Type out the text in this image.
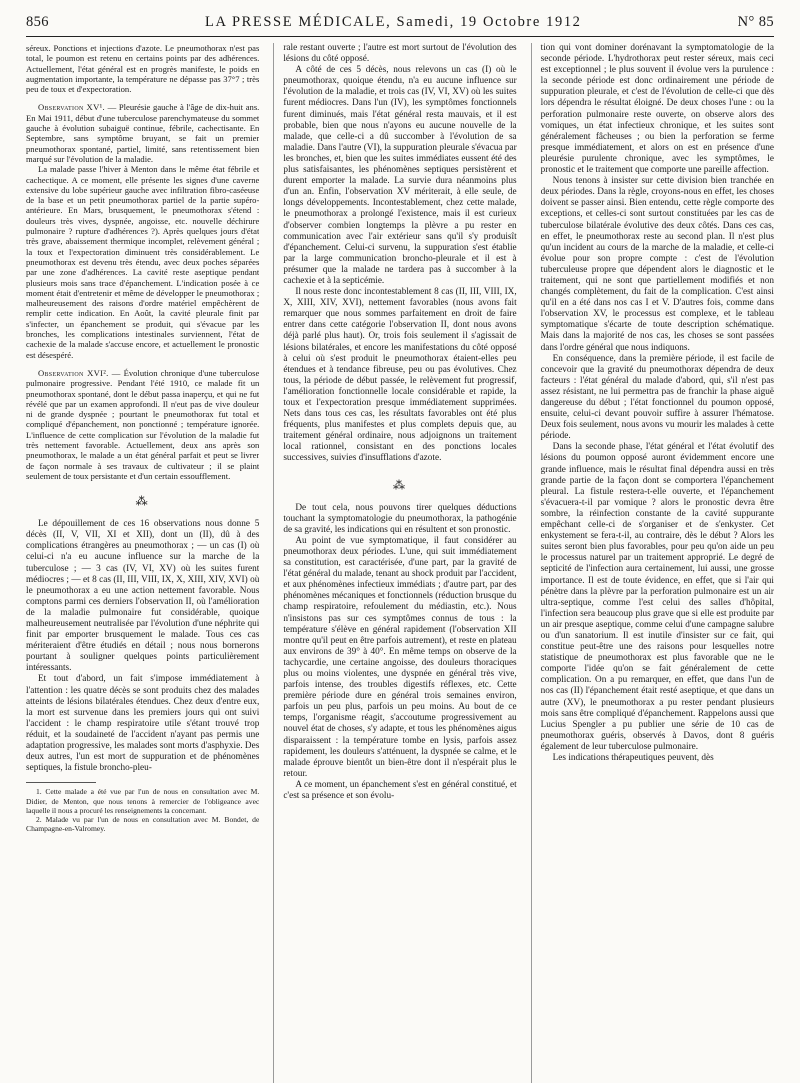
856	LA PRESSE MÉDICALE, Samedi, 19 Octobre 1912	N° 85

séreux. Ponctions et injections d'azote. Le pneumothorax n'est pas total, le poumon est retenu en certains points par des adhérences. Actuellement, l'état général est en progrès manifeste, le poids en augmentation importante, la température ne dépasse pas 37°7 ; très peu de toux et d'expectoration.

Observation XV¹. — Pleurésie gauche à l'âge de dix-huit ans. En Mai 1911, début d'une tuberculose parenchymateuse du sommet gauche à évolution subaiguë continue, fébrile, cachectisante. En Septembre, sans symptôme bruyant, se fait un premier pneumothorax spontané, partiel, limité, sans retentissement bien marqué sur l'évolution de la maladie.

La malade passe l'hiver à Menton dans le même état fébrile et cachectique. A ce moment, elle présente les signes d'une caverne extensive du lobe supérieur gauche avec infiltration fibro-caséeuse de la base et un petit pneumothorax partiel de la partie supéro-antérieure. En Mars, brusquement, le pneumothorax s'étend : douleurs très vives, dyspnée, angoisse, etc. nouvelle déchirure pulmonaire ? rupture d'adhérences ?). Après quelques jours d'état très grave, abaissement thermique incomplet, relèvement général ; la toux et l'expectoration diminuent très considérablement. Le pneumothorax est devenu très étendu, avec deux poches séparées par une zone d'adhérences. La cavité reste aseptique pendant plusieurs mois sans trace d'épanchement. L'indication posée à ce moment était d'entretenir et même de développer le pneumothorax ; malheureusement des raisons d'ordre matériel empêchèrent de remplir cette indication. En Août, la cavité pleurale finit par s'infecter, un épanchement se produit, qui s'évacue par les bronches, les complications intestinales surviennent, l'état de cachexie de la malade s'accuse encore, et actuellement le pronostic est désespéré.

Observation XVI². — Évolution chronique d'une tuberculose pulmonaire progressive. Pendant l'été 1910, ce malade fit un pneumothorax spontané, dont le début passa inaperçu, et qui ne fut révélé que par un examen approfondi. Il n'eut pas de vive douleur ni de grande dyspnée ; pourtant le pneumothorax fut total et compliqué d'épanchement, non ponctionné ; température ignorée. L'influence de cette complication sur l'évolution de la maladie fut très nettement favorable. Actuellement, deux ans après son pneumothorax, le malade a un état général parfait et peut se livrer de façon normale à ses travaux de cultivateur ; il se plaint seulement de toux persistante et d'un certain essoufflement.

⁂

Le dépouillement de ces 16 observations nous donne 5 décès (II, V, VII, XI et XII), dont un (II), dû à des complications étrangères au pneumothorax ; — un cas (I) où celui-ci n'a eu aucune influence sur la marche de la tuberculose ; — 3 cas (IV, VI, XV) où les suites furent médiocres ; — et 8 cas (II, III, VIII, IX, X, XIII, XIV, XVI) où le pneumothorax a eu une action nettement favorable. Nous comptons parmi ces derniers l'observation II, où l'amélioration de la maladie pulmonaire fut considérable, quoique malheureusement neutralisée par l'évolution d'une néphrite qui finit par emporter brusquement le malade. Tous ces cas mériteraient d'être étudiés en détail ; nous nous bornerons pourtant à souligner quelques points particulièrement intéressants.

Et tout d'abord, un fait s'impose immédiatement à l'attention : les quatre décès se sont produits chez des malades atteints de lésions bilatérales étendues. Chez deux d'entre eux, la mort est survenue dans les premiers jours qui ont suivi l'accident : le champ respiratoire utile s'étant trouvé trop réduit, et la soudaineté de l'accident n'ayant pas permis une adaptation progressive, les malades sont morts d'asphyxie. Des deux autres, l'un est mort de suppuration et de phénomènes septiques, la fistule broncho-pleu-

1. Cette malade a été vue par l'un de nous en consultation avec M. Didier, de Menton, que nous tenons à remercier de l'obligeance avec laquelle il nous a procuré les renseignements la concernant.

2. Malade vu par l'un de nous en consultation avec M. Bondet, de Champagne-en-Valromey.

rale restant ouverte ; l'autre est mort surtout de l'évolution des lésions du côté opposé.

A côté de ces 5 décès, nous relevons un cas (I) où le pneumothorax, quoique étendu, n'a eu aucune influence sur l'évolution de la maladie, et trois cas (IV, VI, XV) où les suites furent médiocres. Dans l'un (IV), les symptômes fonctionnels furent diminués, mais l'état général resta mauvais, et il est probable, bien que nous n'ayons eu aucune nouvelle de la malade, que celle-ci a dû succomber à l'évolution de sa maladie. Dans l'autre (VI), la suppuration pleurale s'évacua par les bronches, et, bien que les suites immédiates eussent été des plus satisfaisantes, les phénomènes septiques persistèrent et durent emporter la malade. La survie dura néanmoins plus d'un an. Enfin, l'observation XV mériterait, à elle seule, de longs développements. Incontestablement, chez cette malade, le pneumothorax a prolongé l'existence, mais il est curieux d'observer combien longtemps la plèvre a pu rester en communication avec l'air extérieur sans qu'il s'y produisît d'épanchement. Celui-ci survenu, la suppuration s'est établie par la large communication broncho-pleurale et il est à présumer que la malade ne tardera pas à succomber à la cachexie et à la septicémie.

Il nous reste donc incontestablement 8 cas (II, III, VIII, IX, X, XIII, XIV, XVI), nettement favorables (nous avons fait remarquer que nous sommes parfaitement en droit de faire entrer dans cette catégorie l'observation II, dont nous avons déjà parlé plus haut). Or, trois fois seulement il s'agissait de lésions bilatérales, et encore les manifestations du côté opposé à celui où s'est produit le pneumothorax étaient-elles peu étendues et à tendance fibreuse, peu ou pas évolutives. Chez tous, la période de début passée, le relèvement fut progressif, l'amélioration fonctionnelle locale considérable et rapide, la toux et l'expectoration presque immédiatement supprimées. Nets dans tous ces cas, les résultats favorables ont été plus fréquents, plus manifestes et plus complets depuis que, au traitement général ordinaire, nous adjoignons un traitement local rationnel, consistant en des ponctions locales successives, suivies d'insufflations d'azote.

⁂

De tout cela, nous pouvons tirer quelques déductions touchant la symptomatologie du pneumothorax, la pathogénie de sa gravité, les indications qui en résultent et son pronostic.

Au point de vue symptomatique, il faut considérer au pneumothorax deux périodes. L'une, qui suit immédiatement sa constitution, est caractérisée, d'une part, par la gravité de l'état général du malade, tenant au shock produit par l'accident, et aux phénomènes infectieux immédiats ; d'autre part, par des phénomènes mécaniques et fonctionnels (réduction brusque du champ respiratoire, refoulement du médiastin, etc.). Nous n'insistons pas sur ces symptômes connus de tous : la température s'élève en général rapidement (l'observation XII montre qu'il peut en être parfois autrement), et reste en plateau aux environs de 39° à 40°. En même temps on observe de la tachycardie, une certaine angoisse, des douleurs thoraciques plus ou moins violentes, une dyspnée en général très vive, parfois intense, des troubles digestifs réflexes, etc. Cette première période dure en général trois semaines environ, parfois un peu plus, parfois un peu moins. Au bout de ce temps, l'organisme réagit, s'accoutume progressivement au nouvel état de choses, s'y adapte, et tous les phénomènes aigus disparaissent : la température tombe en lysis, parfois assez rapidement, les douleurs s'atténuent, la dyspnée se calme, et le malade éprouve bientôt un bien-être dont il n'espérait plus le retour.

A ce moment, un épanchement s'est en général constitué, et c'est sa présence et son évolu-

tion qui vont dominer dorénavant la symptomatologie de la seconde période. L'hydrothorax peut rester séreux, mais ceci est exceptionnel ; le plus souvent il évolue vers la purulence : la seconde période est donc ordinairement une période de suppuration pleurale, et c'est de l'évolution de celle-ci que dès lors dépendra le résultat éloigné. De deux choses l'une : ou la perforation pulmonaire reste ouverte, on observe alors des vomiques, un état infectieux chronique, et les suites sont généralement fâcheuses ; ou bien la perforation se ferme presque immédiatement, et alors on est en présence d'une pleurésie purulente chronique, avec les symptômes, le pronostic et le traitement que comporte une pareille affection.

Nous tenons à insister sur cette division bien tranchée en deux périodes. Dans la règle, croyons-nous en effet, les choses doivent se passer ainsi. Bien entendu, cette règle comporte des exceptions, et celles-ci sont surtout constituées par les cas de tuberculose bilatérale évolutive des deux côtés. Dans ces cas, en effet, le pneumothorax reste au second plan. Il n'est plus qu'un incident au cours de la marche de la maladie, et celle-ci évolue pour son propre compte : c'est de l'évolution tuberculeuse propre que dépendent alors le diagnostic et le traitement, qui ne sont que partiellement modifiés et non changés complètement, du fait de la complication. C'est ainsi qu'il en a été dans nos cas I et V. D'autres fois, comme dans l'observation XV, le processus est complexe, et le tableau symptomatique s'écarte de toute description schématique. Mais dans la majorité de nos cas, les choses se sont passées dans l'ordre général que nous indiquons.

En conséquence, dans la première période, il est facile de concevoir que la gravité du pneumothorax dépendra de deux facteurs : l'état général du malade d'abord, qui, s'il n'est pas assez résistant, ne lui permettra pas de franchir la phase aiguë dangereuse du début ; l'état fonctionnel du poumon opposé, ensuite, celui-ci devant pouvoir suffire à assurer l'hématose. Deux fois seulement, nous avons vu mourir les malades à cette période.

Dans la seconde phase, l'état général et l'état évolutif des lésions du poumon opposé auront évidemment encore une grande influence, mais le résultat final dépendra aussi en très grande partie de la façon dont se comportera l'épanchement pleural. La fistule restera-t-elle ouverte, et l'épanchement s'évacuera-t-il par vomique ? alors le pronostic devra être sombre, la réinfection constante de la cavité suppurante empêchant celle-ci de s'organiser et de s'enkyster. Cet enkystement se fera-t-il, au contraire, dès le début ? Alors les suites seront bien plus favorables, pour peu qu'on aide un peu le processus naturel par un traitement approprié. Le degré de septicité de l'infection aura certainement, lui aussi, une grosse importance. Il est de toute évidence, en effet, que si l'air qui pénètre dans la plèvre par la perforation pulmonaire est un air ultra-septique, comme l'est celui des salles d'hôpital, l'infection sera beaucoup plus grave que si elle est produite par un air presque aseptique, comme celui d'une campagne salubre ou d'un sanatorium. Il est inutile d'insister sur ce fait, qui constitue peut-être une des raisons pour lesquelles notre statistique de pneumothorax est plus favorable que ne le comporte l'idée qu'on se fait généralement de cette complication. On a pu remarquer, en effet, que dans l'un de nos cas (II) l'épanchement était resté aseptique, et que dans un autre (XV), le pneumothorax a pu rester pendant plusieurs mois sans être compliqué d'épanchement. Rappelons aussi que Lucius Spengler a pu publier une série de 10 cas de pneumothorax guéris, observés à Davos, dont 8 guéris également de leur tuberculose pulmonaire.

Les indications thérapeutiques peuvent, dès
